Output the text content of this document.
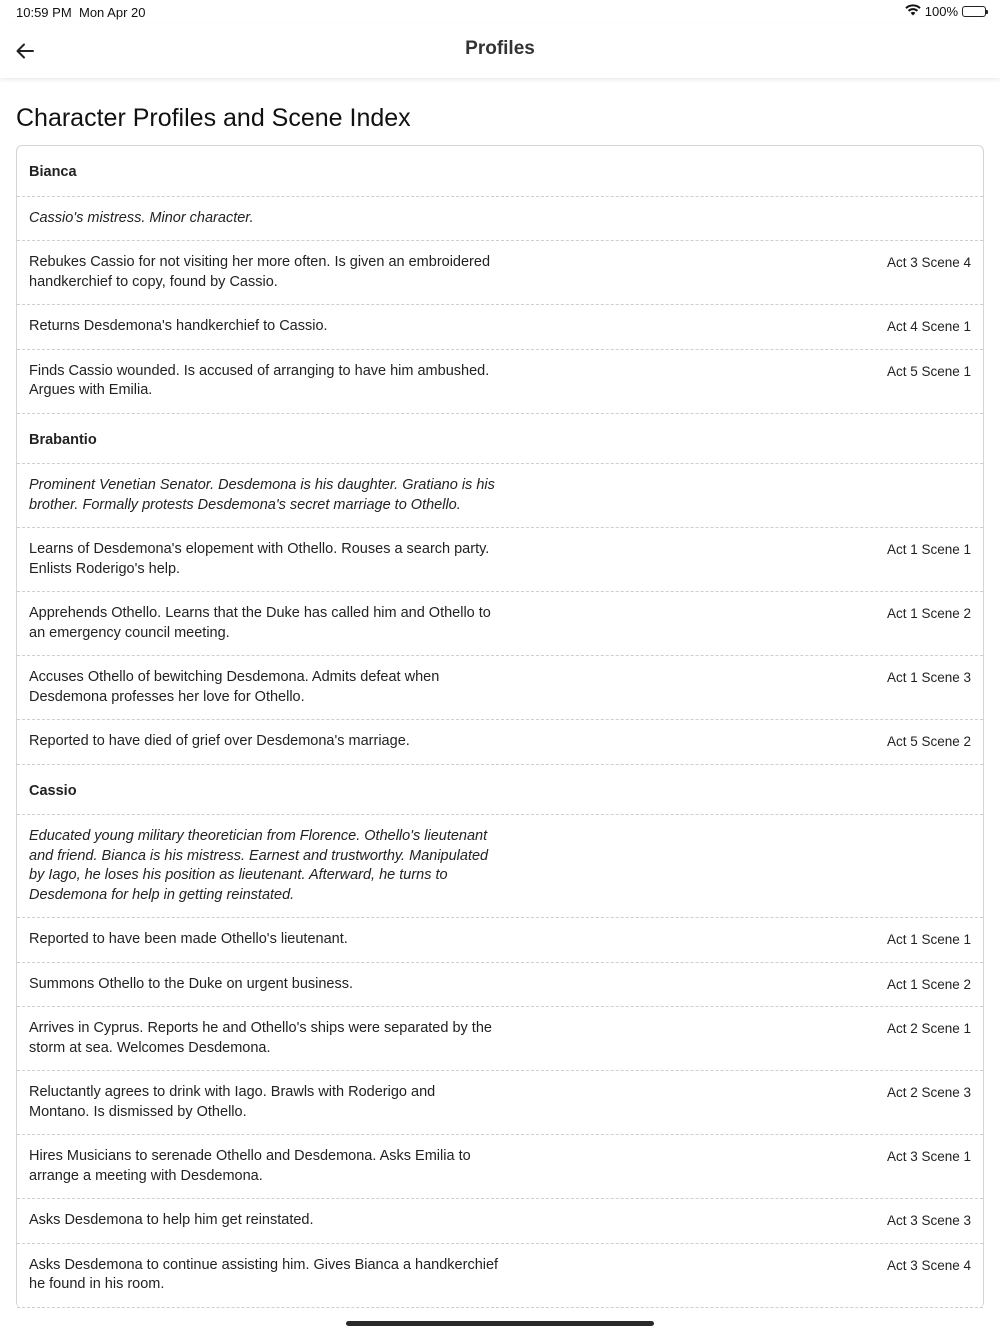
10:59 PM Mon Apr 20	100%
Profiles
Character Profiles and Scene Index
Bianca
Cassio's mistress. Minor character.
Rebukes Cassio for not visiting her more often. Is given an embroidered handkerchief to copy, found by Cassio.
Act 3 Scene 4
Returns Desdemona's handkerchief to Cassio.	Act 4 Scene 1
Finds Cassio wounded. Is accused of arranging to have him ambushed. Argues with Emilia.
Act 5 Scene 1
Brabantio
Prominent Venetian Senator. Desdemona is his daughter. Gratiano is his brother. Formally protests Desdemona's secret marriage to Othello.
Learns of Desdemona's elopement with Othello. Rouses a search party. Enlists Roderigo's help.
Act 1 Scene 1
Apprehends Othello. Learns that the Duke has called him and Othello to an emergency council meeting.
Act 1 Scene 2
Accuses Othello of bewitching Desdemona. Admits defeat when Desdemona professes her love for Othello.
Act 1 Scene 3
Reported to have died of grief over Desdemona's marriage.	Act 5 Scene 2
Cassio
Educated young military theoretician from Florence. Othello's lieutenant and friend. Bianca is his mistress. Earnest and trustworthy. Manipulated by Iago, he loses his position as lieutenant. Afterward, he turns to Desdemona for help in getting reinstated.
Reported to have been made Othello's lieutenant.	Act 1 Scene 1
Summons Othello to the Duke on urgent business.	Act 1 Scene 2
Arrives in Cyprus. Reports he and Othello's ships were separated by the storm at sea. Welcomes Desdemona.
Act 2 Scene 1
Reluctantly agrees to drink with Iago. Brawls with Roderigo and Montano. Is dismissed by Othello.
Act 2 Scene 3
Hires Musicians to serenade Othello and Desdemona. Asks Emilia to arrange a meeting with Desdemona.
Act 3 Scene 1
Asks Desdemona to help him get reinstated.	Act 3 Scene 3
Asks Desdemona to continue assisting him. Gives Bianca a handkerchief he found in his room.
Act 3 Scene 4
